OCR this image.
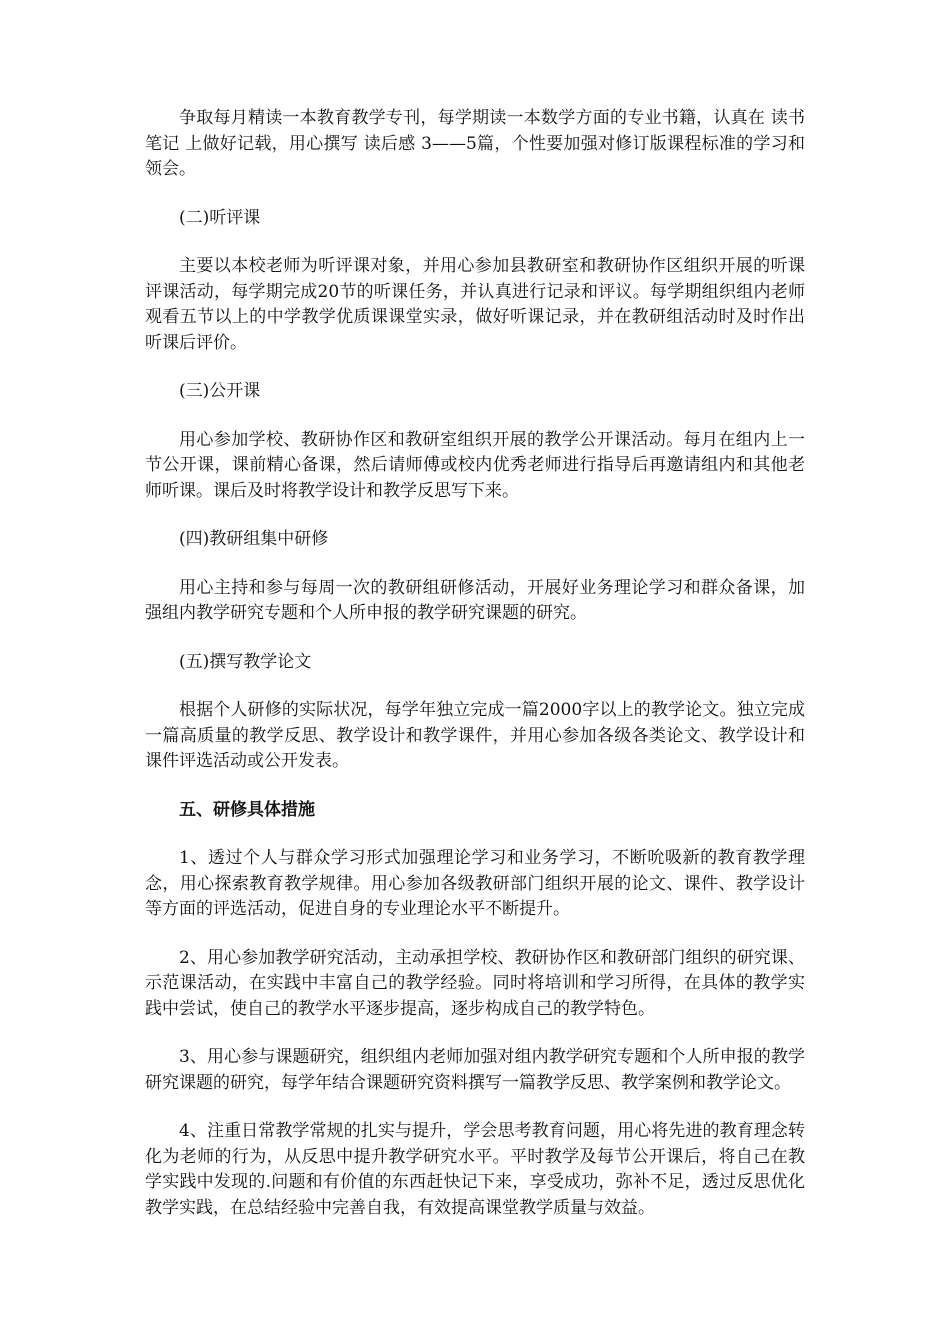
争取每月精读一本教育教学专刊，每学期读一本数学方面的专业书籍，认真在 读书笔记 上做好记载，用心撰写 读后感 3——5篇，个性要加强对修订版课程标准的学习和领会。

(二)听评课

主要以本校老师为听评课对象，并用心参加县教研室和教研协作区组织开展的听课评课活动，每学期完成20节的听课任务，并认真进行记录和评议。每学期组织组内老师观看五节以上的中学教学优质课课堂实录，做好听课记录，并在教研组活动时及时作出听课后评价。

(三)公开课

用心参加学校、教研协作区和教研室组织开展的教学公开课活动。每月在组内上一节公开课，课前精心备课，然后请师傅或校内优秀老师进行指导后再邀请组内和其他老师听课。课后及时将教学设计和教学反思写下来。

(四)教研组集中研修

用心主持和参与每周一次的教研组研修活动，开展好业务理论学习和群众备课，加强组内教学研究专题和个人所申报的教学研究课题的研究。

(五)撰写教学论文

根据个人研修的实际状况，每学年独立完成一篇2000字以上的教学论文。独立完成一篇高质量的教学反思、教学设计和教学课件，并用心参加各级各类论文、教学设计和课件评选活动或公开发表。

五、研修具体措施

1、透过个人与群众学习形式加强理论学习和业务学习，不断吮吸新的教育教学理念，用心探索教育教学规律。用心参加各级教研部门组织开展的论文、课件、教学设计等方面的评选活动，促进自身的专业理论水平不断提升。

2、用心参加教学研究活动，主动承担学校、教研协作区和教研部门组织的研究课、示范课活动，在实践中丰富自己的教学经验。同时将培训和学习所得，在具体的教学实践中尝试，使自己的教学水平逐步提高，逐步构成自己的教学特色。

3、用心参与课题研究，组织组内老师加强对组内教学研究专题和个人所申报的教学研究课题的研究，每学年结合课题研究资料撰写一篇教学反思、教学案例和教学论文。

4、注重日常教学常规的扎实与提升，学会思考教育问题，用心将先进的教育理念转化为老师的行为，从反思中提升教学研究水平。平时教学及每节公开课后，将自己在教学实践中发现的.问题和有价值的东西赶快记下来，享受成功，弥补不足，透过反思优化教学实践，在总结经验中完善自我，有效提高课堂教学质量与效益。
